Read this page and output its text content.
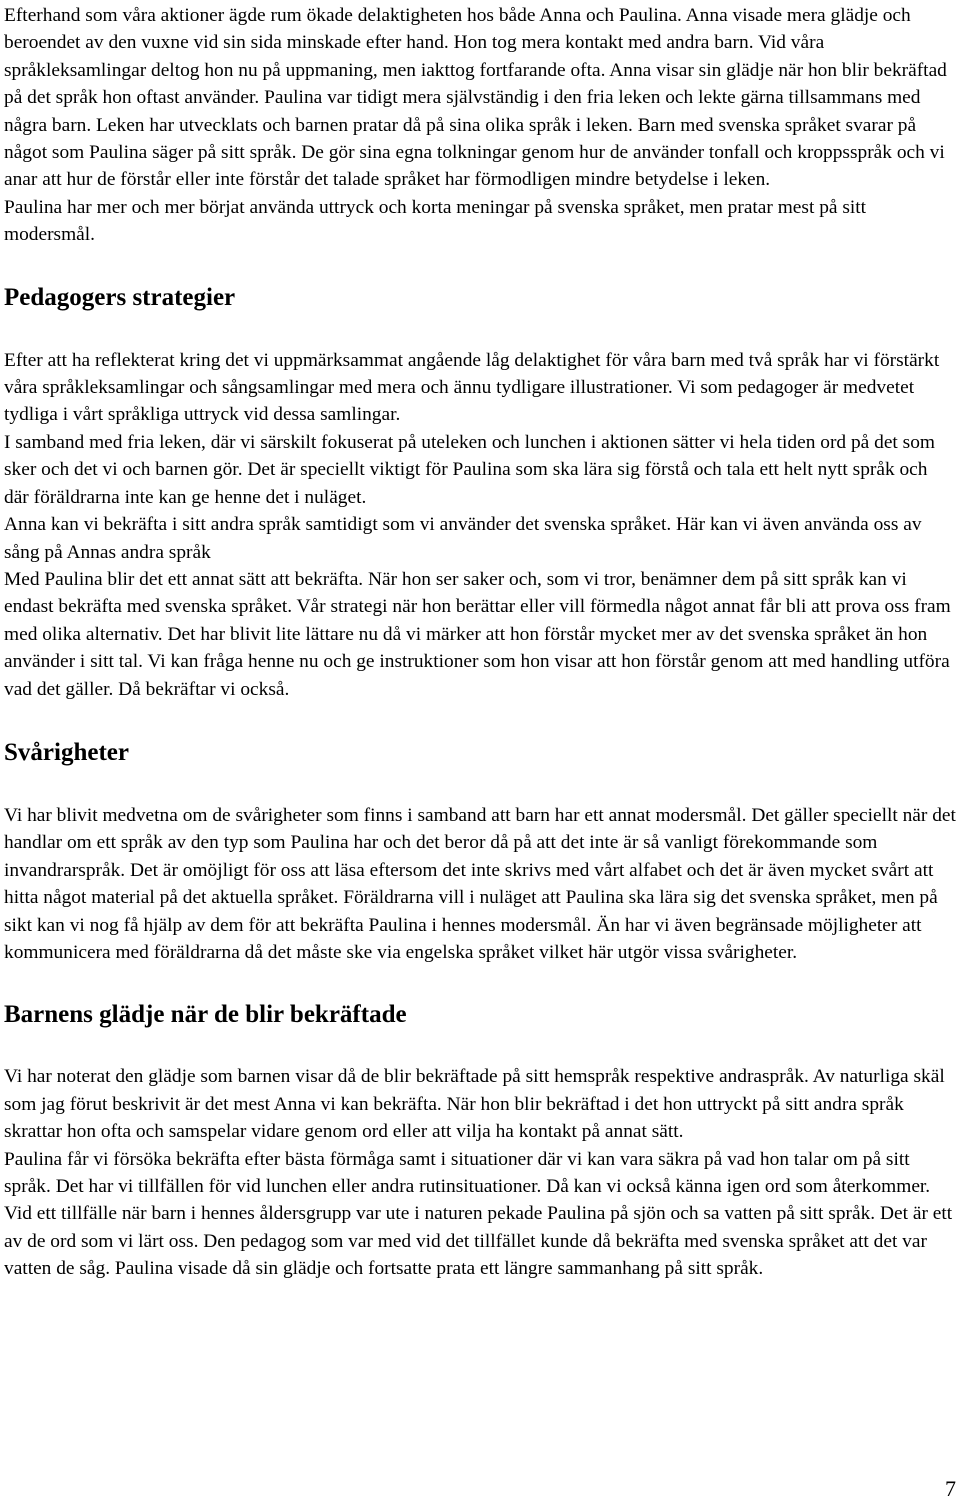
Efterhand som våra aktioner ägde rum ökade delaktigheten hos både Anna och Paulina. Anna visade mera glädje och beroendet av den vuxne vid sin sida minskade efter hand. Hon tog mera kontakt med andra barn. Vid våra språkleksamlingar deltog hon nu på uppmaning, men iakttog fortfarande ofta. Anna visar sin glädje när hon blir bekräftad på det språk hon oftast använder. Paulina var tidigt mera självständig i den fria leken och lekte gärna tillsammans med några barn. Leken har utvecklats och barnen pratar då på sina olika språk i leken. Barn med svenska språket svarar på något som Paulina säger på sitt språk. De gör sina egna tolkningar genom hur de använder tonfall och kroppsspråk och vi anar att hur de förstår eller inte förstår det talade språket har förmodligen mindre betydelse i leken.

Paulina har mer och mer börjat använda uttryck och korta meningar på svenska språket, men pratar mest på sitt modersmål.

Pedagogers strategier

Efter att ha reflekterat kring det vi uppmärksammat angående låg delaktighet för våra barn med två språk har vi förstärkt våra språkleksamlingar och sångsamlingar med mera och ännu tydligare illustrationer. Vi som pedagoger är medvetet tydliga i vårt språkliga uttryck vid dessa samlingar.

I samband med fria leken, där vi särskilt fokuserat på uteleken och lunchen i aktionen sätter vi hela tiden ord på det som sker och det vi och barnen gör. Det är speciellt viktigt för Paulina som ska lära sig förstå och tala ett helt nytt språk och där föräldrarna inte kan ge henne det i nuläget.

Anna kan vi bekräfta i sitt andra språk samtidigt som vi använder det svenska språket. Här kan vi även använda oss av sång på Annas andra språk

Med Paulina blir det ett annat sätt att bekräfta. När hon ser saker och, som vi tror, benämner dem på sitt språk kan vi endast bekräfta med svenska språket. Vår strategi när hon berättar eller vill förmedla något annat får bli att prova oss fram med olika alternativ. Det har blivit lite lättare nu då vi märker att hon förstår mycket mer av det svenska språket än hon använder i sitt tal. Vi kan fråga henne nu och ge instruktioner som hon visar att hon förstår genom att med handling utföra vad det gäller. Då bekräftar vi också.

Svårigheter

Vi har blivit medvetna om de svårigheter som finns i samband att barn har ett annat modersmål. Det gäller speciellt när det handlar om ett språk av den typ som Paulina har och det beror då på att det inte är så vanligt förekommande som invandrarspråk. Det är omöjligt för oss att läsa eftersom det inte skrivs med vårt alfabet och det är även mycket svårt att hitta något material på det aktuella språket. Föräldrarna vill i nuläget att Paulina ska lära sig det svenska språket, men på sikt kan vi nog få hjälp av dem för att bekräfta Paulina i hennes modersmål. Än har vi även begränsade möjligheter att kommunicera med föräldrarna då det måste ske via engelska språket vilket här utgör vissa svårigheter.

Barnens glädje när de blir bekräftade

Vi har noterat den glädje som barnen visar då de blir bekräftade på sitt hemspråk respektive andraspråk. Av naturliga skäl som jag förut beskrivit är det mest Anna vi kan bekräfta. När hon blir bekräftad i det hon uttryckt på sitt andra språk skrattar hon ofta och samspelar vidare genom ord eller att vilja ha kontakt på annat sätt.

Paulina får vi försöka bekräfta efter bästa förmåga samt i situationer där vi kan vara säkra på vad hon talar om på sitt språk. Det har vi tillfällen för vid lunchen eller andra rutinsituationer. Då kan vi också känna igen ord som återkommer. Vid ett tillfälle när barn i hennes åldersgrupp var ute i naturen pekade Paulina på sjön och sa vatten på sitt språk. Det är ett av de ord som vi lärt oss. Den pedagog som var med vid det tillfället kunde då bekräfta med svenska språket att det var vatten de såg. Paulina visade då sin glädje och fortsatte prata ett längre sammanhang på sitt språk.

7
